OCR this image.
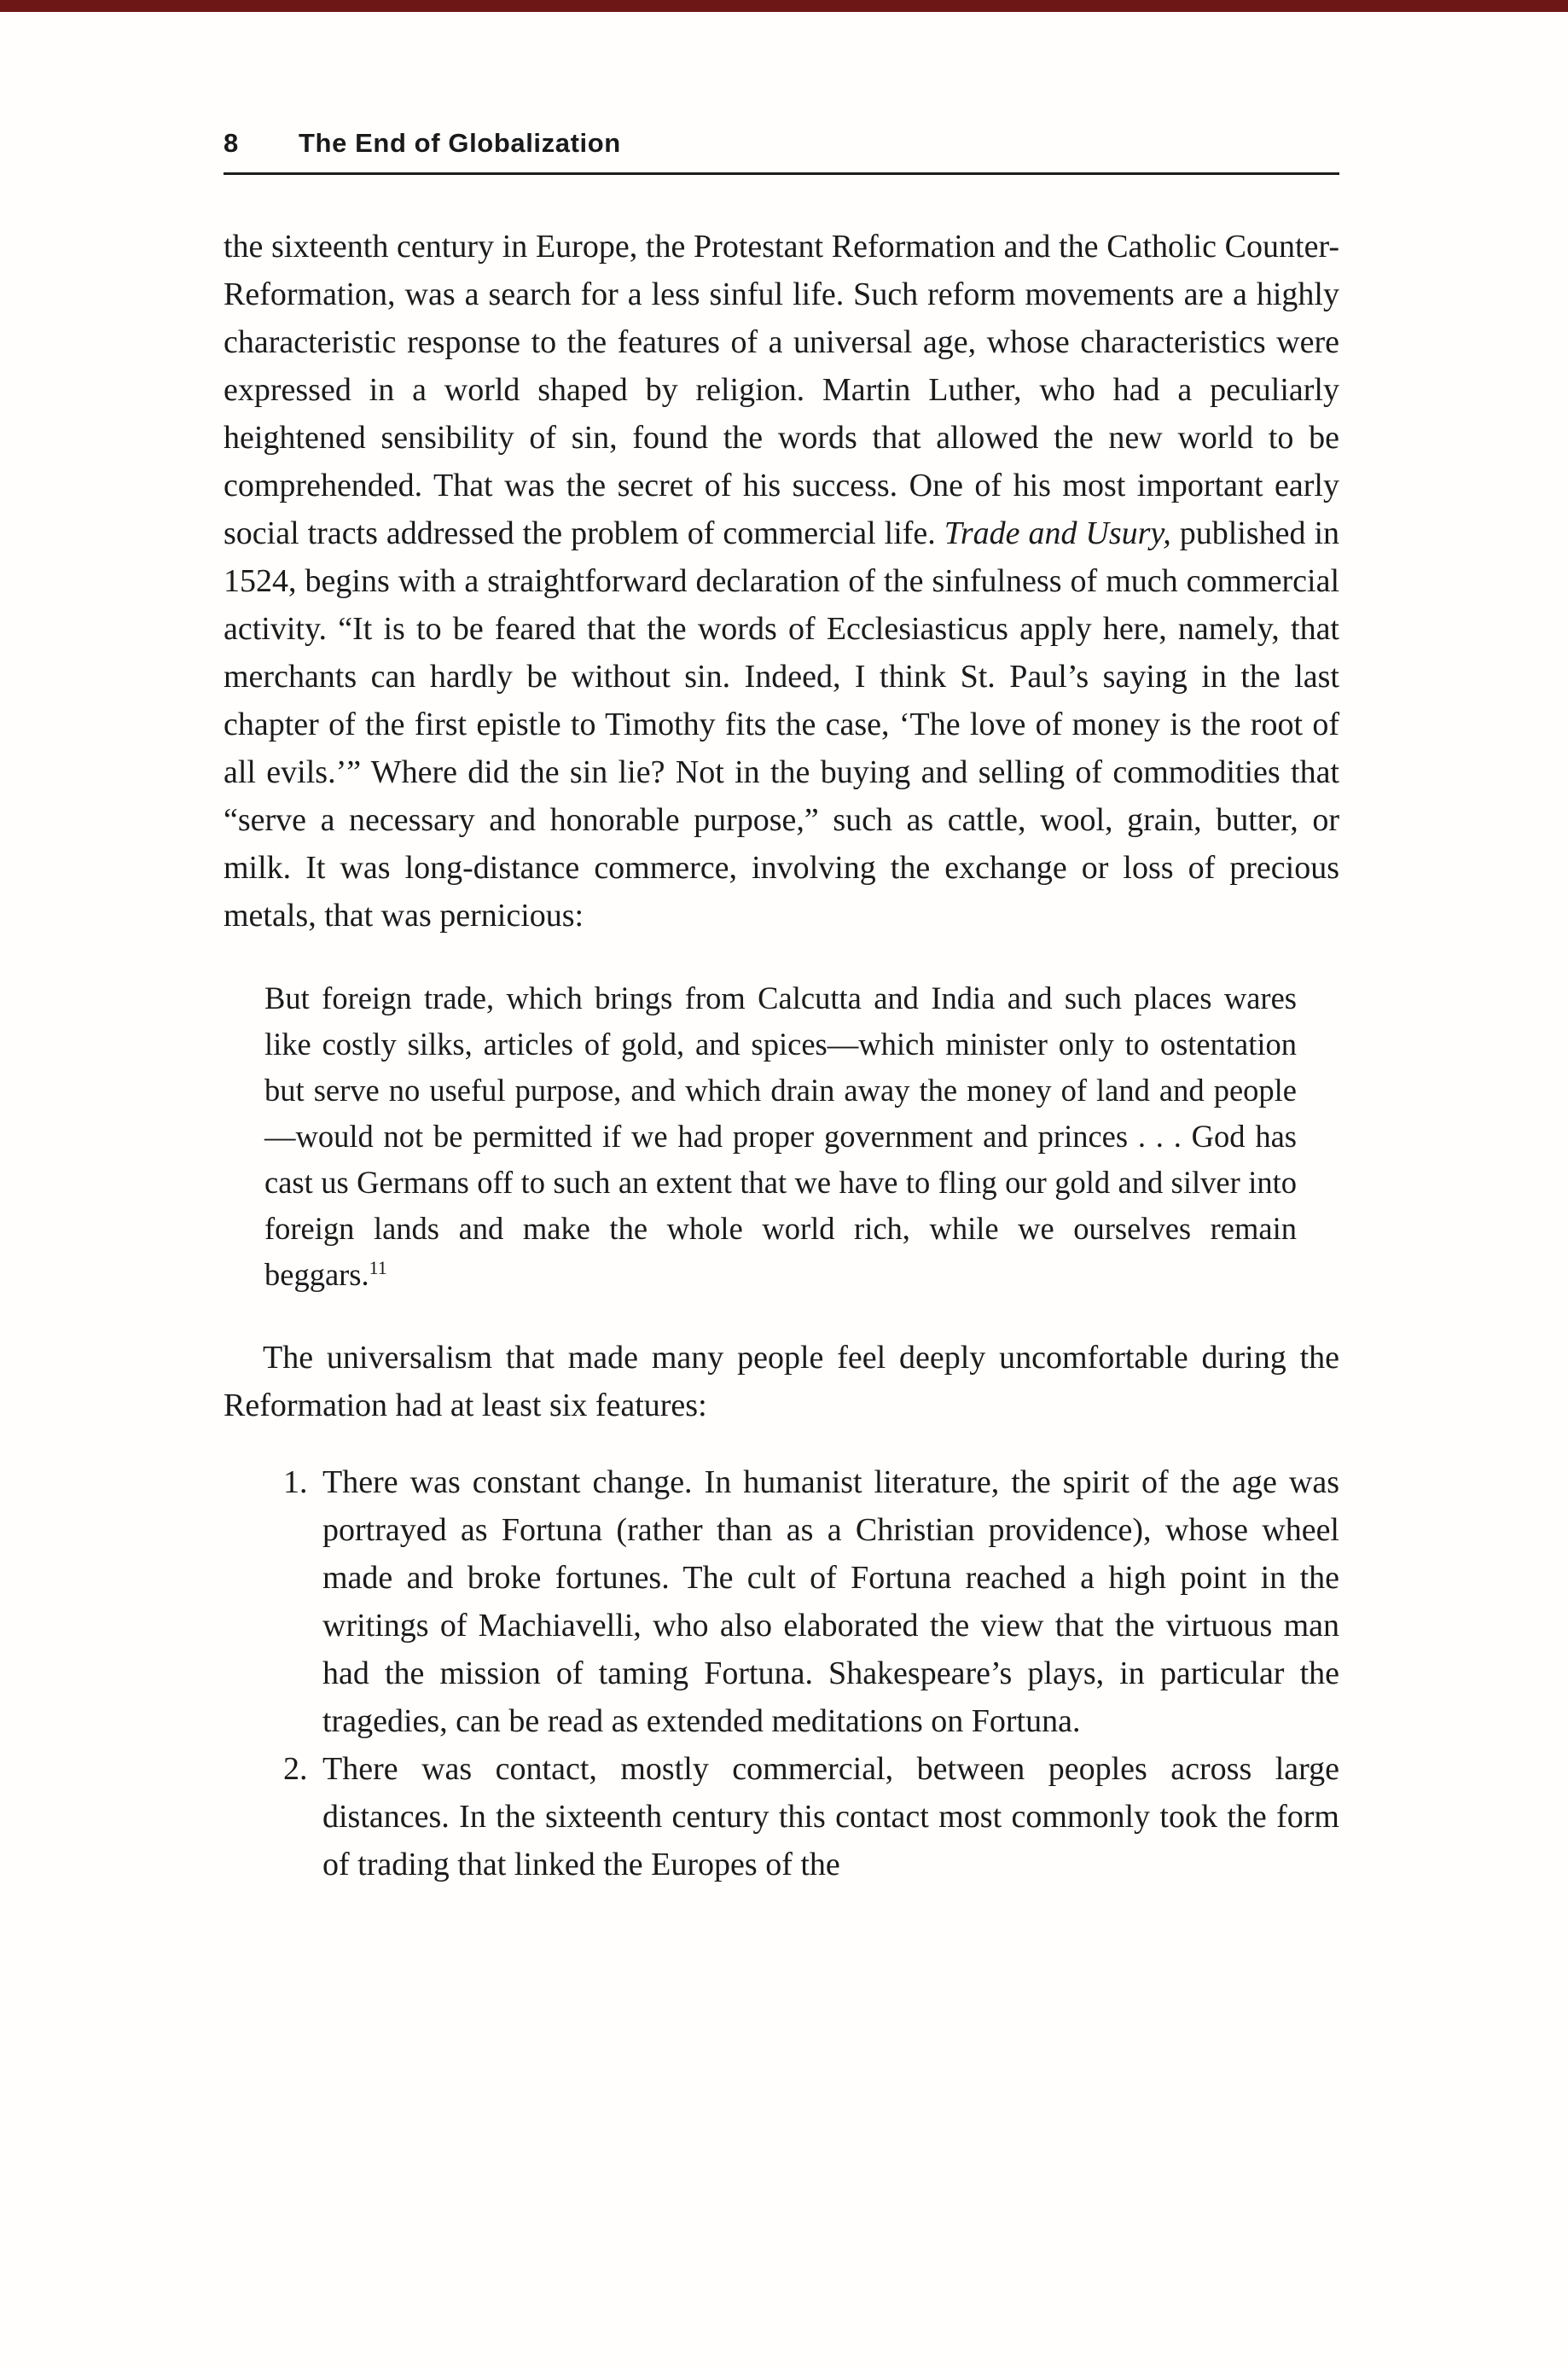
8	The End of Globalization

the sixteenth century in Europe, the Protestant Reformation and the Catholic Counter-Reformation, was a search for a less sinful life. Such reform movements are a highly characteristic response to the features of a universal age, whose characteristics were expressed in a world shaped by religion. Martin Luther, who had a peculiarly heightened sensibility of sin, found the words that allowed the new world to be comprehended. That was the secret of his success. One of his most important early social tracts addressed the problem of commercial life. Trade and Usury, published in 1524, begins with a straightforward declaration of the sinfulness of much commercial activity. “It is to be feared that the words of Ecclesiasticus apply here, namely, that merchants can hardly be without sin. Indeed, I think St. Paul’s saying in the last chapter of the first epistle to Timothy fits the case, ‘The love of money is the root of all evils.’” Where did the sin lie? Not in the buying and selling of commodities that “serve a necessary and honorable purpose,” such as cattle, wool, grain, butter, or milk. It was long-distance commerce, involving the exchange or loss of precious metals, that was pernicious:

But foreign trade, which brings from Calcutta and India and such places wares like costly silks, articles of gold, and spices—which minister only to ostentation but serve no useful purpose, and which drain away the money of land and people—would not be permitted if we had proper government and princes . . . God has cast us Germans off to such an extent that we have to fling our gold and silver into foreign lands and make the whole world rich, while we ourselves remain beggars.$^{11}$

The universalism that made many people feel deeply uncomfortable during the Reformation had at least six features:

1. There was constant change. In humanist literature, the spirit of the age was portrayed as Fortuna (rather than as a Christian providence), whose wheel made and broke fortunes. The cult of Fortuna reached a high point in the writings of Machiavelli, who also elaborated the view that the virtuous man had the mission of taming Fortuna. Shakespeare’s plays, in particular the tragedies, can be read as extended meditations on Fortuna.
2. There was contact, mostly commercial, between peoples across large distances. In the sixteenth century this contact most commonly took the form of trading that linked the Europes of the
